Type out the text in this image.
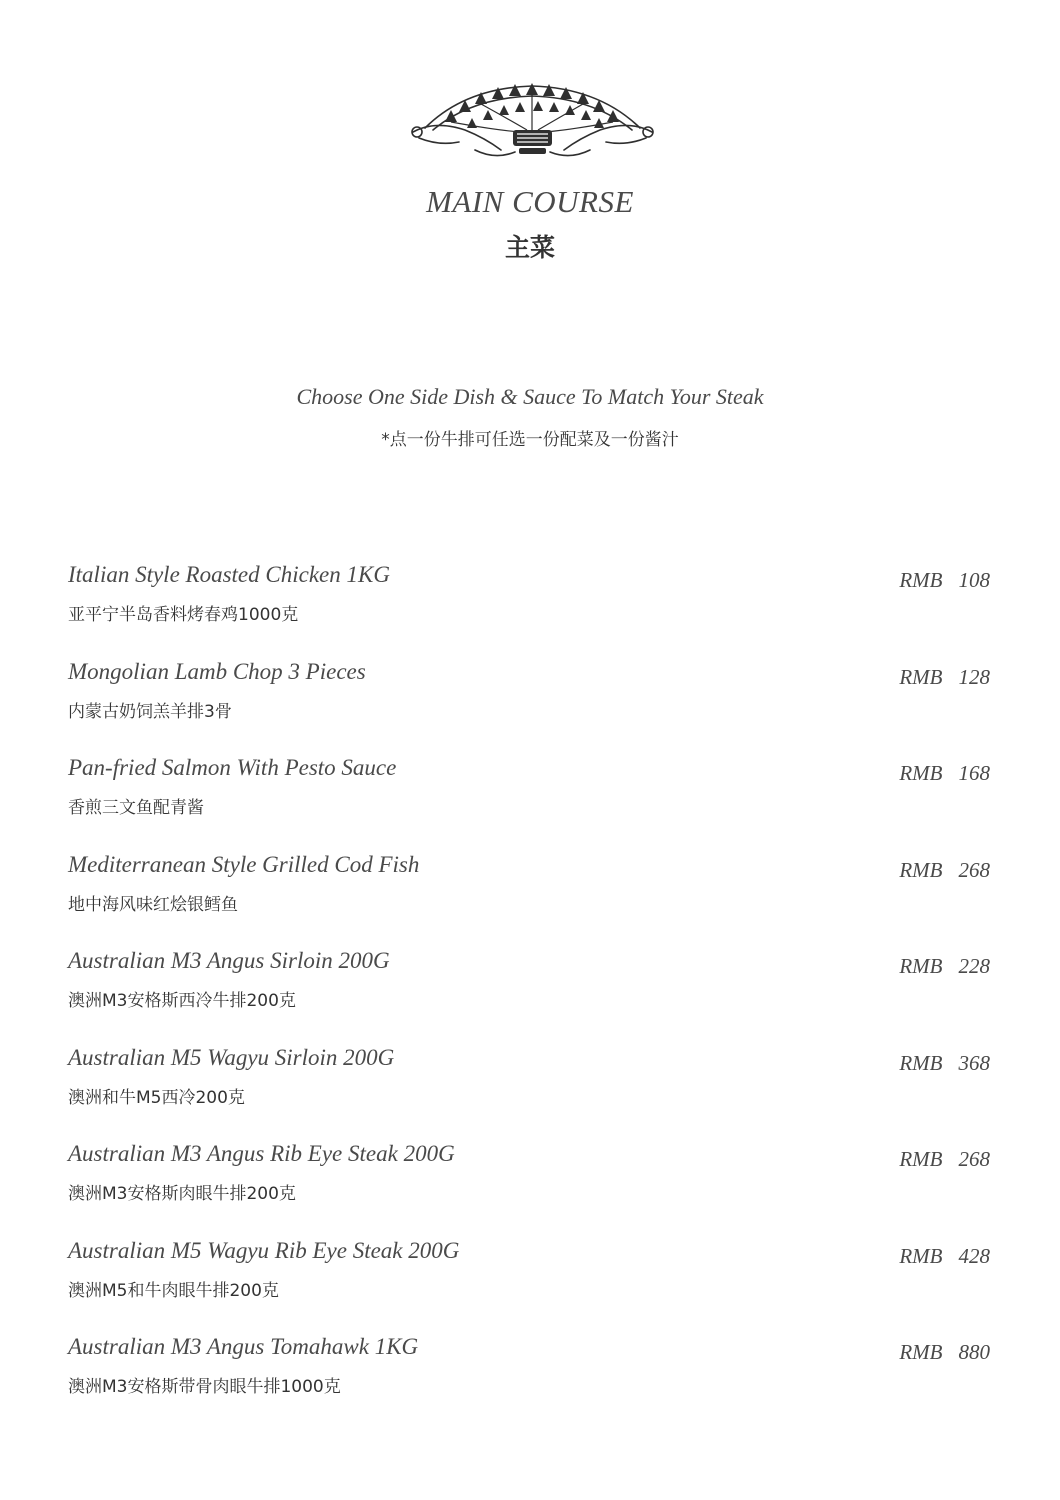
MAIN COURSE
主菜
Choose One Side Dish & Sauce To Match Your Steak
*点一份牛排可任选一份配菜及一份酱汁
Italian Style Roasted Chicken 1KG
亚平宁半岛香料烤春鸡1000克
RMB 108
Mongolian Lamb Chop 3 Pieces
内蒙古奶饲羔羊排3骨
RMB 128
Pan-fried Salmon With Pesto Sauce
香煎三文鱼配青酱
RMB 168
Mediterranean Style Grilled Cod Fish
地中海风味红烩银鳕鱼
RMB 268
Australian M3 Angus Sirloin 200G
澳洲M3安格斯西冷牛排200克
RMB 228
Australian M5 Wagyu Sirloin 200G
澳洲和牛M5西冷200克
RMB 368
Australian M3 Angus Rib Eye Steak 200G
澳洲M3安格斯肉眼牛排200克
RMB 268
Australian M5 Wagyu Rib Eye Steak 200G
澳洲M5和牛肉眼牛排200克
RMB 428
Australian M3 Angus Tomahawk 1KG
澳洲M3安格斯带骨肉眼牛排1000克
RMB 880
